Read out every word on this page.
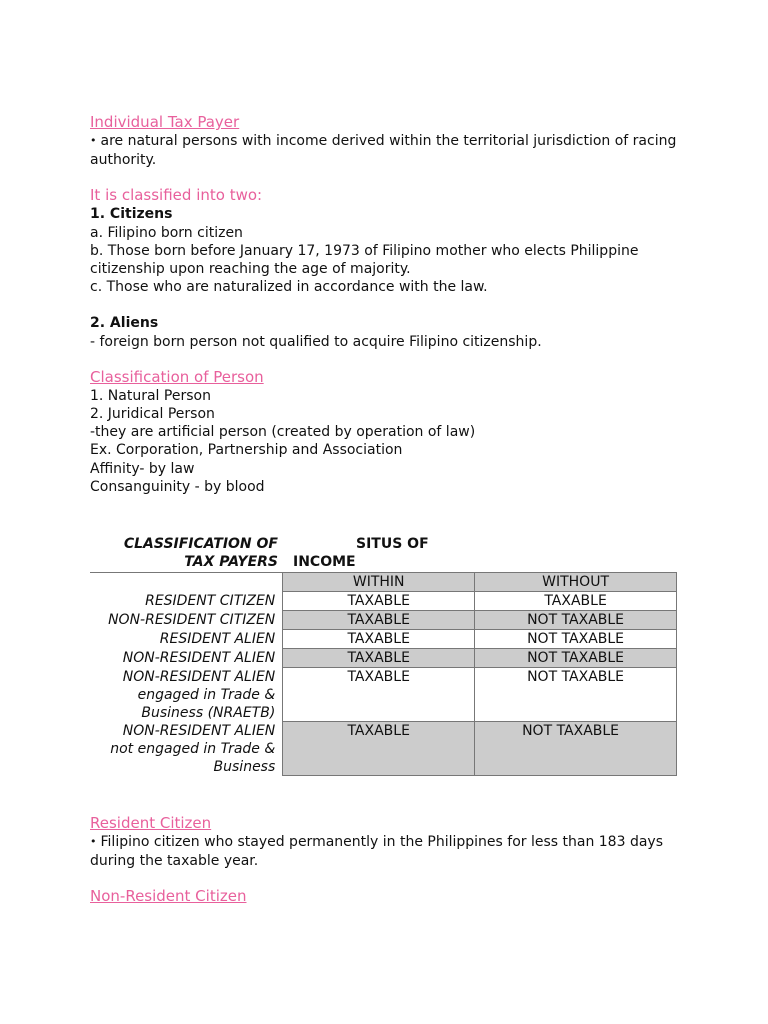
Individual Tax Payer

• are natural persons with income derived within the territorial jurisdiction of racing authority.

It is classified into two:

1. Citizens

a. Filipino born citizen

b. Those born before January 17, 1973 of Filipino mother who elects Philippine citizenship upon reaching the age of majority.

c. Those who are naturalized in accordance with the law.

2. Aliens

- foreign born person not qualified to acquire Filipino citizenship.

Classification of Person

1. Natural Person

2. Juridical Person

-they are artificial person (created by operation of law)

Ex. Corporation, Partnership and Association

Affinity- by law

Consanguinity - by blood

CLASSIFICATION OF
TAX PAYERS
SITUS OF
INCOME
	WITHIN	WITHOUT
RESIDENT CITIZEN	TAXABLE	TAXABLE
NON-RESIDENT CITIZEN	TAXABLE	NOT TAXABLE
RESIDENT ALIEN	TAXABLE	NOT TAXABLE
NON-RESIDENT ALIEN	TAXABLE	NOT TAXABLE

NON-RESIDENT ALIEN
engaged in Trade &
Business (NRAETB)	TAXABLE	NOT TAXABLE

NON-RESIDENT ALIEN
not engaged in Trade &
Business	TAXABLE	NOT TAXABLE

Resident Citizen

• Filipino citizen who stayed permanently in the Philippines for less than 183 days during the taxable year.

Non-Resident Citizen
